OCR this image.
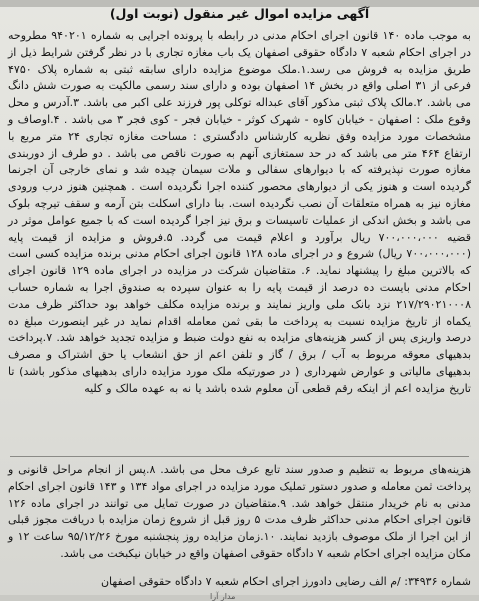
آگهی مزایده اموال غیر منقول (نوبت اول)

به موجب ماده ۱۴۰ قانون اجرای احکام مدنی در رابطه با پرونده اجرایی به شماره ۹۴۰۲۰۱ مطروحه در اجرای احکام شعبه ۷ دادگاه حقوقی اصفهان یک باب مغازه تجاری با در نظر گرفتن شرایط ذیل از طریق مزایده به فروش می رسد.۱.ملک موضوع مزایده دارای سابقه ثبتی به شماره پلاک ۴۷۵۰ فرعی از ۳۱ اصلی واقع در بخش ۱۴ اصفهان بوده و دارای سند رسمی مالکیت به صورت شش دانگ می باشد. ۲.مالک پلاک ثبتی مذکور آقای عبداله توکلی پور فرزند علی اکبر می باشد. ۳.آدرس و محل وقوع ملک : اصفهان - خیابان کاوه - شهرک کوثر - خیابان فجر - کوی فجر ۳ می باشد . ۴.اوصاف و مشخصات مورد مزایده وفق نظریه کارشناس دادگستری : مساحت مغازه تجاری ۲۴ متر مربع با ارتفاع ۴۶۴ متر می باشد که در حد سمتغازی آنهم به صورت ناقص می باشد . دو طرف از دوربندی مغازه صورت نپذیرفته که با دیوارهای سفالی و ملات سیمان چیده شد و نمای خارجی آن اجرنما گردیده است و هنوز یکی از دیوارهای محصور کننده اجرا نگردیده است . همچنین هنوز درب ورودی مغازه نیز به همراه متعلقات آن نصب نگردیده است. بنا دارای اسکلت بتن آرمه و سقف تیرچه بلوک می باشد و بخش اندکی از عملیات تاسیسات و برق نیز اجرا گردیده است که با جمیع عوامل موثر در قضیه ۷۰۰،۰۰۰،۰۰۰ ریال برآورد و اعلام قیمت می گردد. ۵.فروش و مزایده از قیمت پایه (۷۰۰،۰۰۰،۰۰۰ ریال) شروع و در اجرای ماده ۱۲۸ قانون اجرای احکام مدنی برنده مزایده کسی است که بالاترین مبلغ را پیشنهاد نماید. ۶. متقاضیان شرکت در مزایده در اجرای ماده ۱۲۹ قانون اجرای احکام مدنی بایست ده درصد از قیمت پایه را به عنوان سپرده به صندوق اجرا به شماره حساب ۲۱۷/۲۹۰۲۱۰۰۰۸ نزد بانک ملی واریز نمایند و برنده مزایده مکلف خواهد بود حداکثر ظرف مدت یکماه از تاریخ مزایده نسبت به پرداخت ما بقی ثمن معامله اقدام نماید در غیر اینصورت مبلغ ده درصد واریزی پس از کسر هزینه‌های مزایده به نفع دولت ضبط و مزایده تجدید خواهد شد. ۷.پرداخت بدهیهای معوقه مربوط به آب / برق / گاز و تلفن اعم از حق انشعاب یا حق اشتراک و مصرف بدهیهای مالیاتی و عوارض شهرداری ( در صورتیکه ملک مورد مزایده دارای بدهیهای مذکور باشد) تا تاریخ مزایده اعم از اینکه رقم قطعی آن معلوم شده باشد یا نه به عهده مالک و کلیه

هزینه‌های مربوط به تنظیم و صدور سند تابع عرف محل می باشد. ۸.پس از انجام مراحل قانونی و پرداخت ثمن معامله و صدور دستور تملیک مورد مزایده در اجرای مواد ۱۳۴ و ۱۴۳ قانون اجرای احکام مدنی به نام خریدار منتقل خواهد شد. ۹.متقاضیان در صورت تمایل می توانند در اجرای ماده ۱۲۶ قانون اجرای احکام مدنی حداکثر ظرف مدت ۵ روز قبل از شروع زمان مزایده با دریافت مجوز قبلی از این اجرا از ملک موصوف بازدید نمایند. ۱۰.زمان مزایده روز پنجشنبه مورخ ۹۵/۱۲/۲۶ ساعت ۱۲ و مکان مزایده اجرای احکام شعبه ۷ دادگاه حقوقی اصفهان واقع در خیابان نیکبخت می باشد.

شماره ۳۴۹۳۶: /م الف رضایی دادورز اجرای احکام شعبه ۷ دادگاه حقوقی اصفهان
مدار آرا
